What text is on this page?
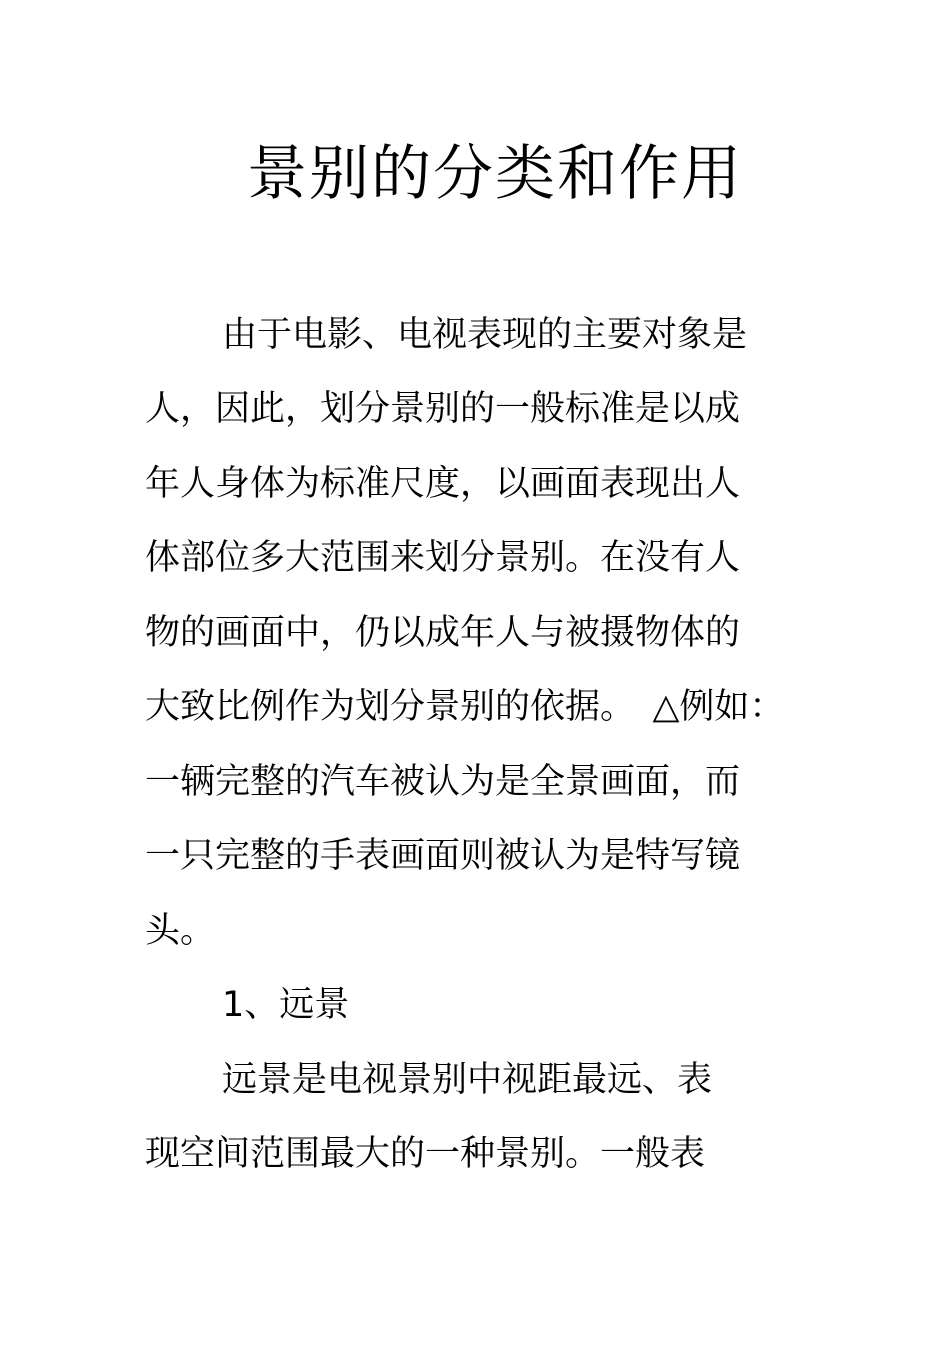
景别的分类和作用
由于电影、电视表现的主要对象是
人，因此，划分景别的一般标准是以成
年人身体为标准尺度，以画面表现出人
体部位多大范围来划分景别。在没有人
物的画面中，仍以成年人与被摄物体的
大致比例作为划分景别的依据。　△例如：
一辆完整的汽车被认为是全景画面，而
一只完整的手表画面则被认为是特写镜
头。
1、远景
远景是电视景别中视距最远、表
现空间范围最大的一种景别。一般表
